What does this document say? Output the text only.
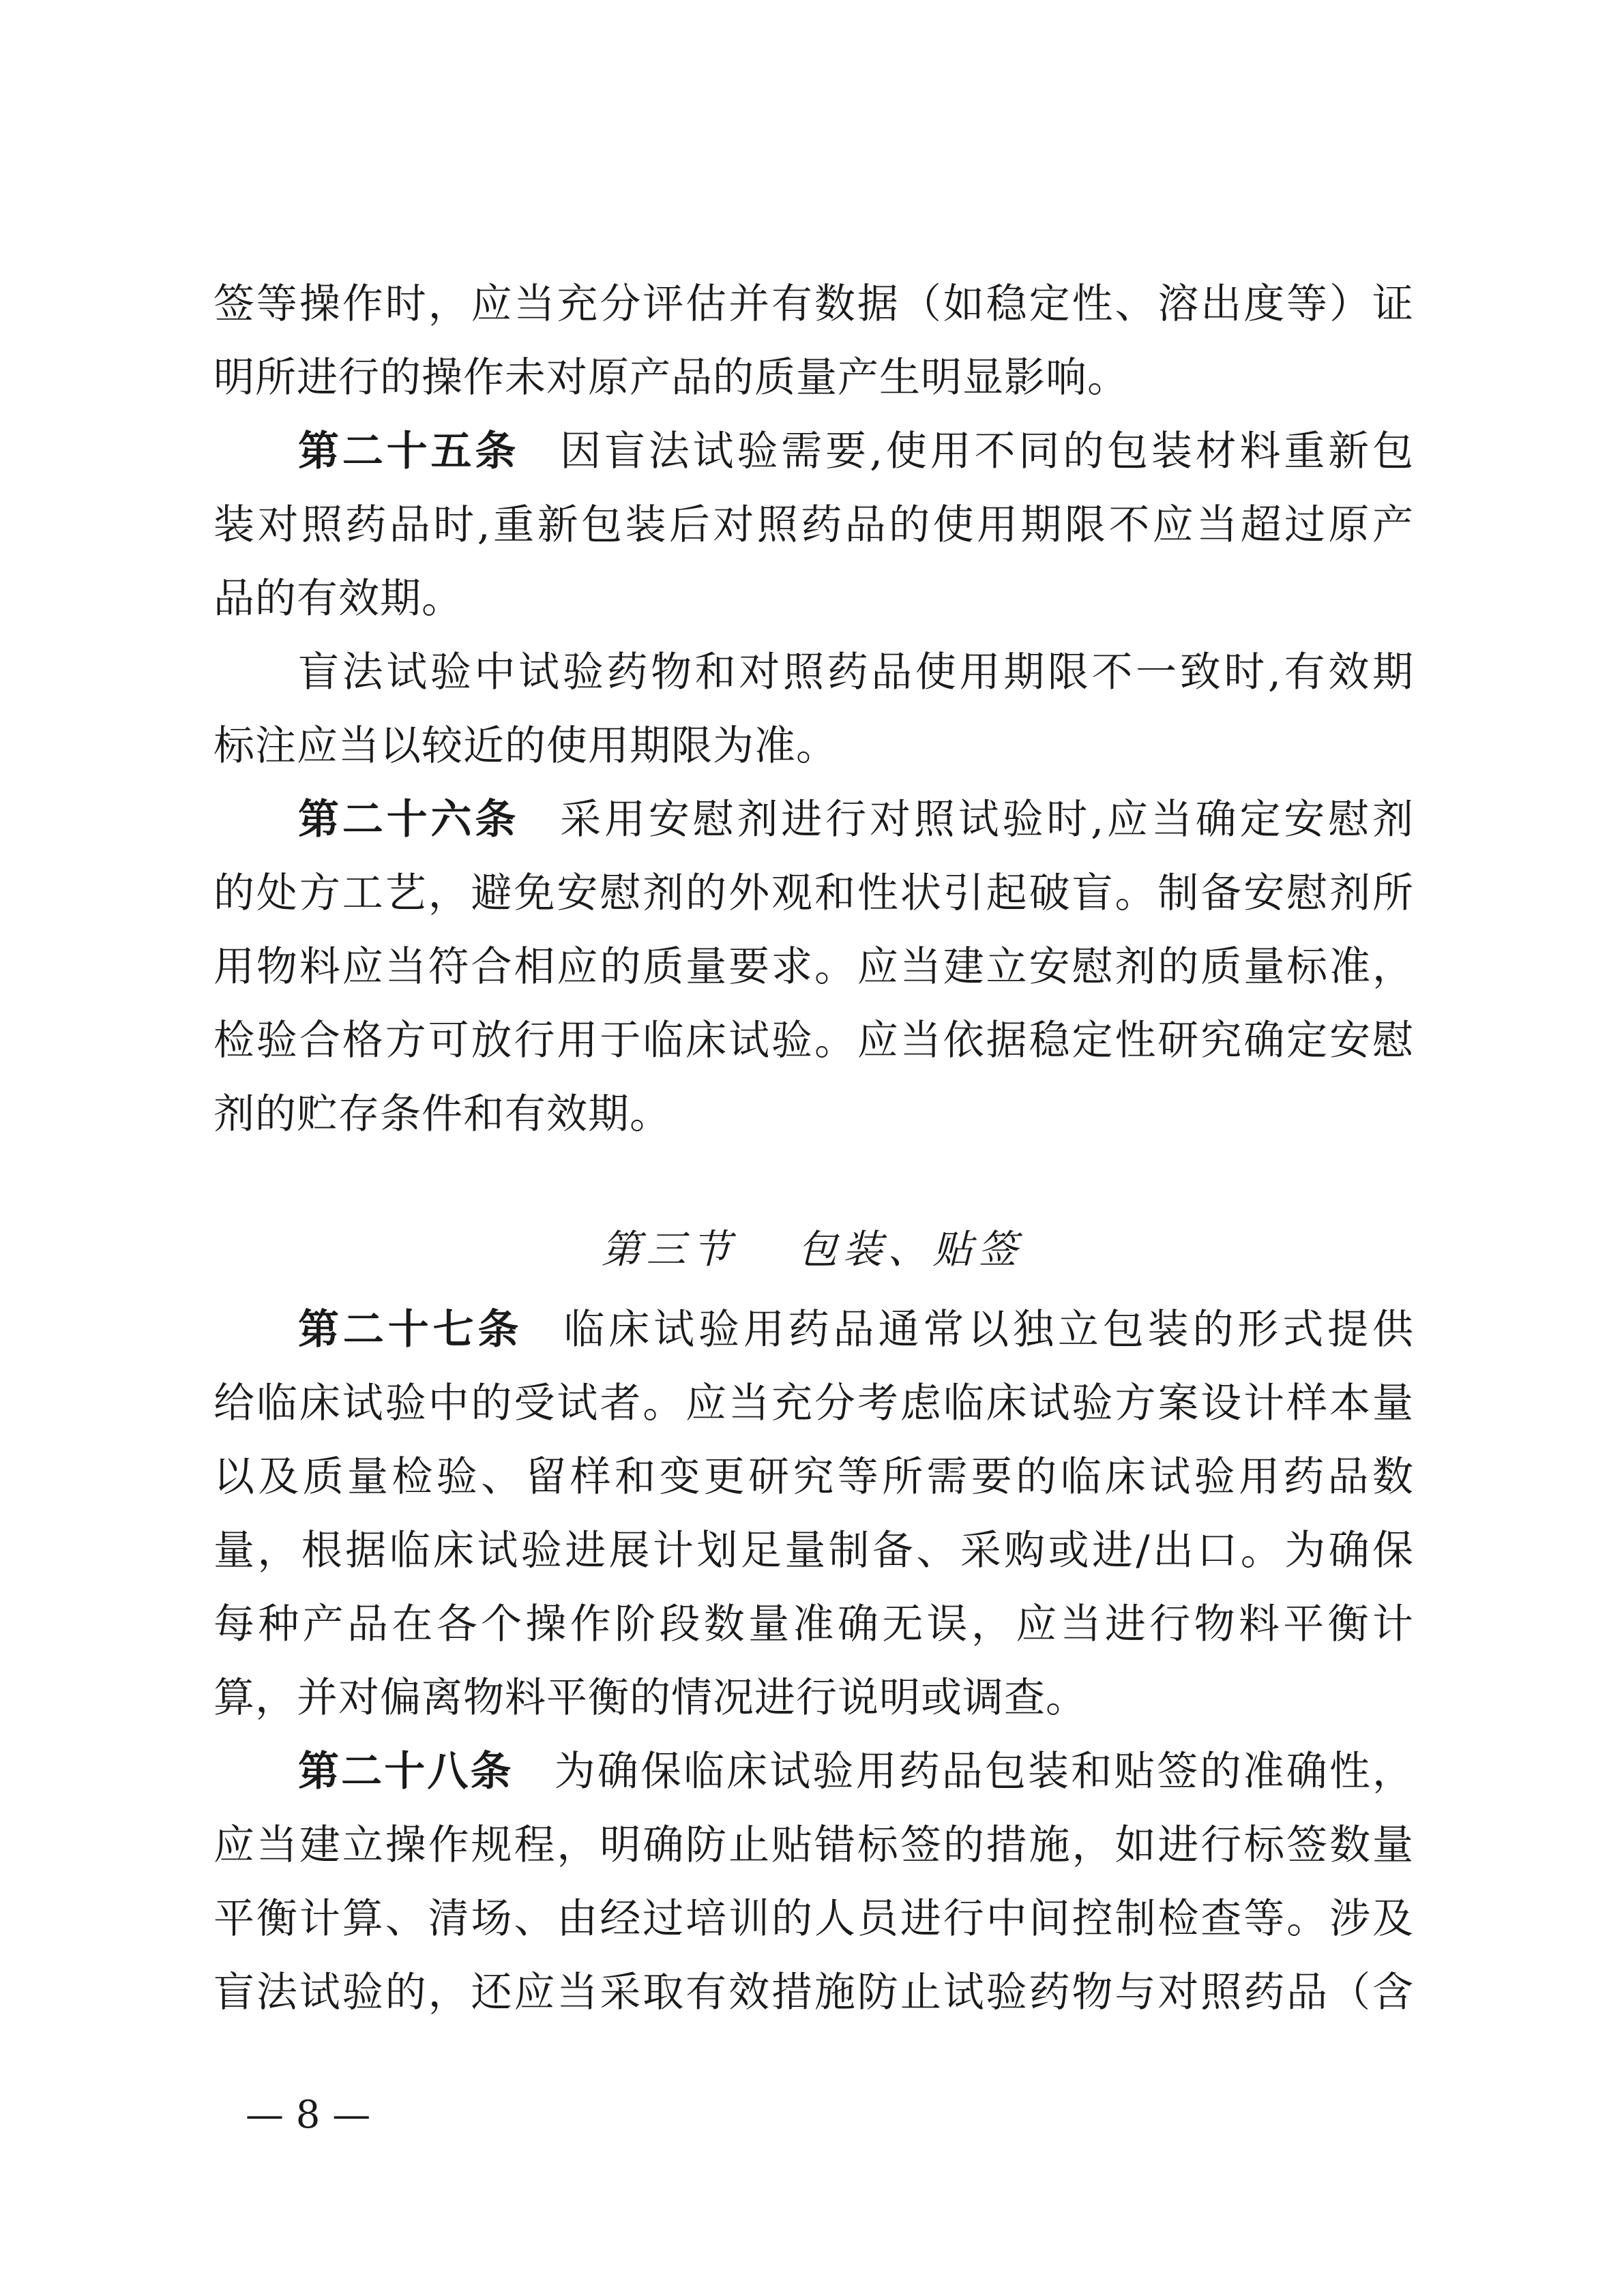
签等操作时，应当充分评估并有数据（如稳定性、溶出度等）证
明所进行的操作未对原产品的质量产生明显影响。
第二十五条 因盲法试验需要,使用不同的包装材料重新包
装对照药品时,重新包装后对照药品的使用期限不应当超过原产
品的有效期。
盲法试验中试验药物和对照药品使用期限不一致时,有效期
标注应当以较近的使用期限为准。
第二十六条 采用安慰剂进行对照试验时,应当确定安慰剂
的处方工艺，避免安慰剂的外观和性状引起破盲。制备安慰剂所
用物料应当符合相应的质量要求。应当建立安慰剂的质量标准，
检验合格方可放行用于临床试验。应当依据稳定性研究确定安慰
剂的贮存条件和有效期。
第三节 包装、贴签
第二十七条 临床试验用药品通常以独立包装的形式提供
给临床试验中的受试者。应当充分考虑临床试验方案设计样本量
以及质量检验、留样和变更研究等所需要的临床试验用药品数
量，根据临床试验进展计划足量制备、采购或进/出口。为确保
每种产品在各个操作阶段数量准确无误，应当进行物料平衡计
算，并对偏离物料平衡的情况进行说明或调查。
第二十八条 为确保临床试验用药品包装和贴签的准确性，
应当建立操作规程，明确防止贴错标签的措施，如进行标签数量
平衡计算、清场、由经过培训的人员进行中间控制检查等。涉及
盲法试验的，还应当采取有效措施防止试验药物与对照药品（含
— 8 —
